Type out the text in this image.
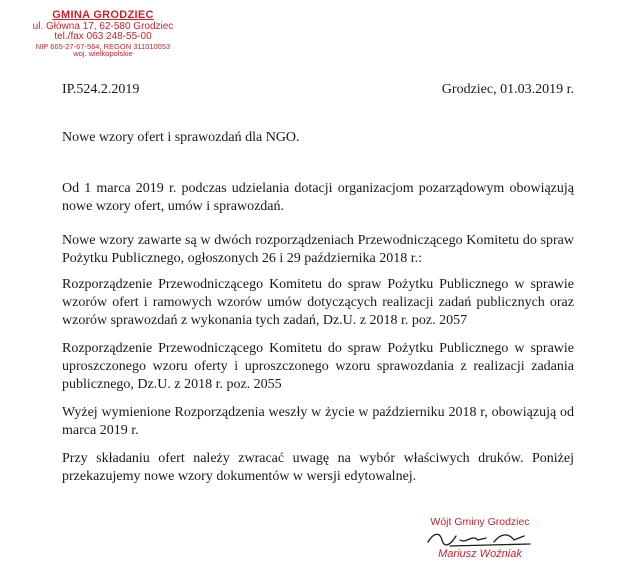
GMINA GRODZIEC
ul. Główna 17, 62-580 Grodziec
tel./fax 063 248-55-00
NIP 665-27-67-564, REGON 311010053
woj. wielkopolskie
IP.524.2.2019	Grodziec, 01.03.2019 r.
Nowe wzory ofert i sprawozdań dla NGO.
Od 1 marca 2019 r. podczas udzielania dotacji organizacjom pozarządowym obowiązują nowe wzory ofert, umów i sprawozdań.
Nowe wzory zawarte są w dwóch rozporządzeniach Przewodniczącego Komitetu do spraw Pożytku Publicznego, ogłoszonych 26 i 29 października 2018 r.:
Rozporządzenie Przewodniczącego Komitetu do spraw Pożytku Publicznego w sprawie wzorów ofert i ramowych wzorów umów dotyczących realizacji zadań publicznych oraz wzorów sprawozdań z wykonania tych zadań, Dz.U. z 2018 r. poz. 2057
Rozporządzenie Przewodniczącego Komitetu do spraw Pożytku Publicznego w sprawie uproszczonego wzoru oferty i uproszczonego wzoru sprawozdania z realizacji zadania publicznego, Dz.U. z 2018 r. poz. 2055
Wyżej wymienione Rozporządzenia weszły w życie w październiku 2018 r, obowiązują od marca 2019 r.
Przy składaniu ofert należy zwracać uwagę na wybór właściwych druków. Poniżej przekazujemy nowe wzory dokumentów w wersji edytowalnej.
Wójt Gminy Grodziec
Mariusz Woźniak
